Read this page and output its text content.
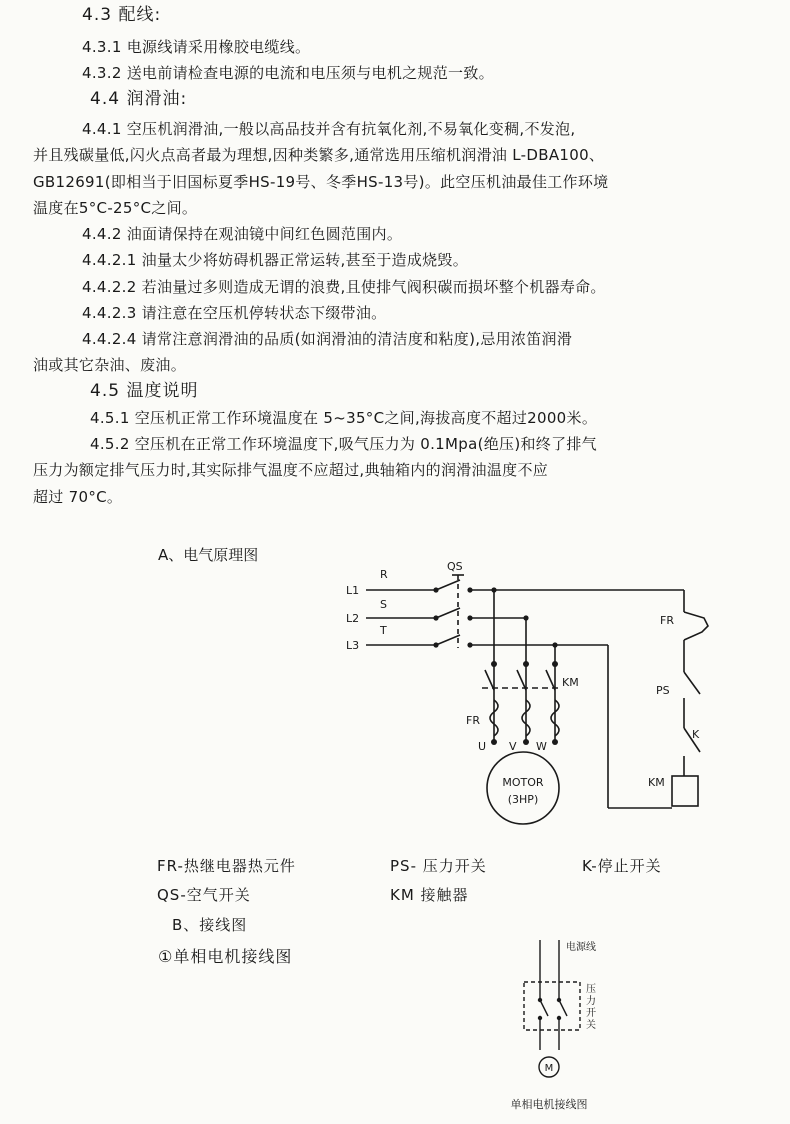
4.3 配线:
4.3.1 电源线请采用橡胶电缆线。
4.3.2 送电前请检查电源的电流和电压须与电机之规范一致。
4.4 润滑油:
4.4.1 空压机润滑油,一般以高品技并含有抗氧化剂,不易氧化变稠,不发泡,
并且残碳量低,闪火点高者最为理想,因种类繁多,通常选用压缩机润滑油 L-DBA100、
GB12691(即相当于旧国标夏季HS-19号、冬季HS-13号)。此空压机油最佳工作环境
温度在5°C-25°C之间。
4.4.2 油面请保持在观油镜中间红色圆范围内。
4.4.2.1 油量太少将妨碍机器正常运转,甚至于造成烧毁。
4.4.2.2 若油量过多则造成无谓的浪费,且使排气阀积碳而损坏整个机器寿命。
4.4.2.3 请注意在空压机停转状态下缀带油。
4.4.2.4 请常注意润滑油的品质(如润滑油的清洁度和粘度),忌用浓笛润滑
油或其它杂油、废油。
4.5 温度说明
4.5.1 空压机正常工作环境温度在 5~35°C之间,海拔高度不超过2000米。
4.5.2 空压机在正常工作环境温度下,吸气压力为 0.1Mpa(绝压)和终了排气
压力为额定排气压力时,其实际排气温度不应超过,典轴箱内的润滑油温度不应
超过 70°C。
A、电气原理图
L1
L2
L3
R
S
T
QS
KM
FR
U V W
MOTOR
(3HP)
FR
PS
K
KM
FR-热继电器热元件	PS- 压力开关	K-停止开关
QS-空气开关	KM 接触器
B、接线图
①单相电机接线图	电源线
压
力
开
关
M
单相电机接线图
